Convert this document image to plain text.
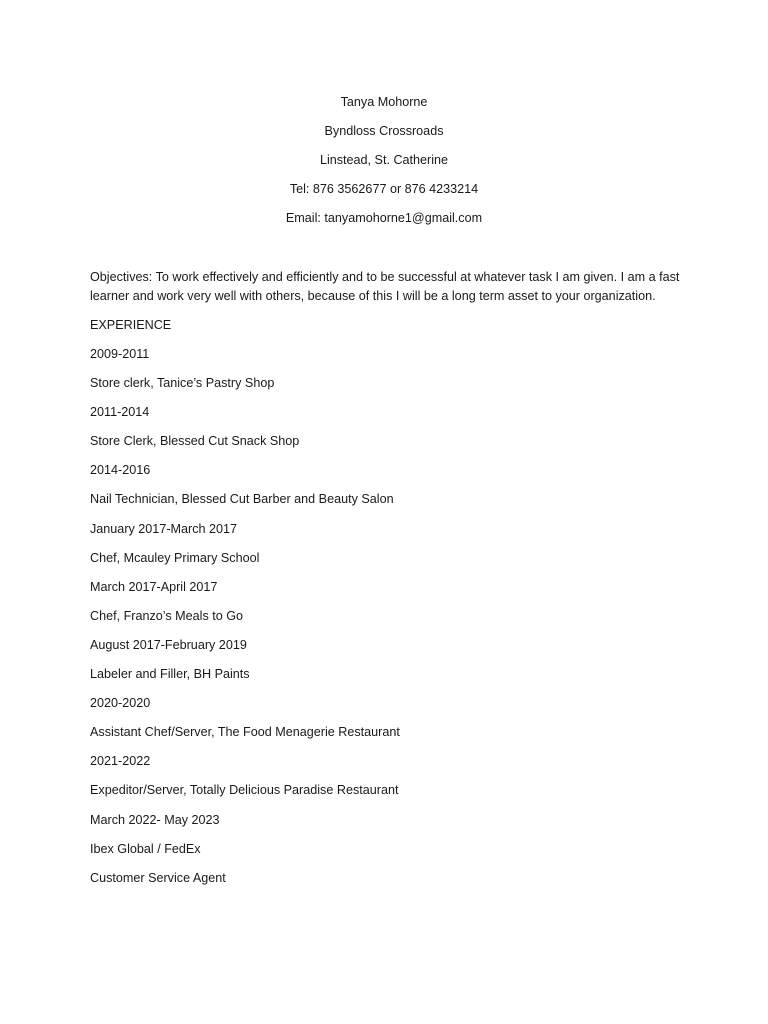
Tanya Mohorne
Byndloss Crossroads
Linstead, St. Catherine
Tel: 876 3562677 or 876 4233214
Email: tanyamohorne1@gmail.com

Objectives: To work effectively and efficiently and to be successful at whatever task I am given. I am a fast learner and work very well with others, because of this I will be a long term asset to your organization.

EXPERIENCE
2009-2011
Store clerk, Tanice’s Pastry Shop
2011-2014
Store Clerk, Blessed Cut Snack Shop
2014-2016
Nail Technician, Blessed Cut Barber and Beauty Salon
January 2017-March 2017
Chef, Mcauley Primary School
March 2017-April 2017
Chef, Franzo’s Meals to Go
August 2017-February 2019
Labeler and Filler, BH Paints
2020-2020
Assistant Chef/Server, The Food Menagerie Restaurant
2021-2022
Expeditor/Server, Totally Delicious Paradise Restaurant
March 2022- May 2023
Ibex Global / FedEx
Customer Service Agent
